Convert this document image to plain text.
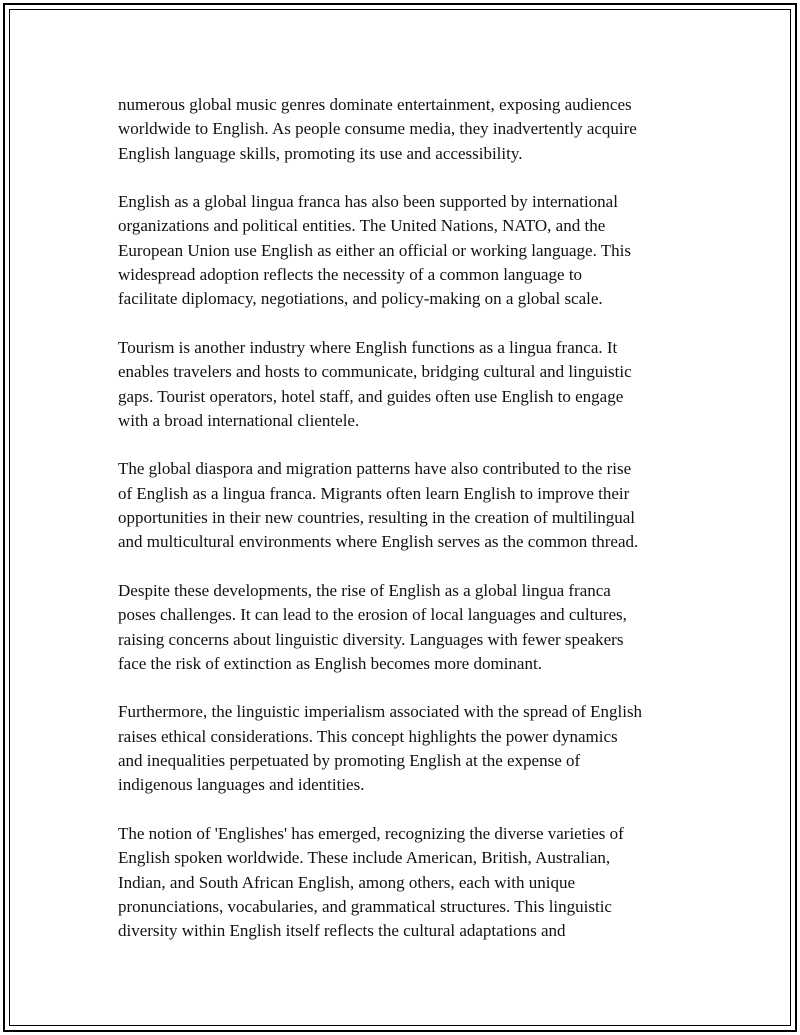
numerous global music genres dominate entertainment, exposing audiences
worldwide to English. As people consume media, they inadvertently acquire
English language skills, promoting its use and accessibility.

English as a global lingua franca has also been supported by international
organizations and political entities. The United Nations, NATO, and the
European Union use English as either an official or working language. This
widespread adoption reflects the necessity of a common language to
facilitate diplomacy, negotiations, and policy-making on a global scale.

Tourism is another industry where English functions as a lingua franca. It
enables travelers and hosts to communicate, bridging cultural and linguistic
gaps. Tourist operators, hotel staff, and guides often use English to engage
with a broad international clientele.

The global diaspora and migration patterns have also contributed to the rise
of English as a lingua franca. Migrants often learn English to improve their
opportunities in their new countries, resulting in the creation of multilingual
and multicultural environments where English serves as the common thread.

Despite these developments, the rise of English as a global lingua franca
poses challenges. It can lead to the erosion of local languages and cultures,
raising concerns about linguistic diversity. Languages with fewer speakers
face the risk of extinction as English becomes more dominant.

Furthermore, the linguistic imperialism associated with the spread of English
raises ethical considerations. This concept highlights the power dynamics
and inequalities perpetuated by promoting English at the expense of
indigenous languages and identities.

The notion of 'Englishes' has emerged, recognizing the diverse varieties of
English spoken worldwide. These include American, British, Australian,
Indian, and South African English, among others, each with unique
pronunciations, vocabularies, and grammatical structures. This linguistic
diversity within English itself reflects the cultural adaptations and
